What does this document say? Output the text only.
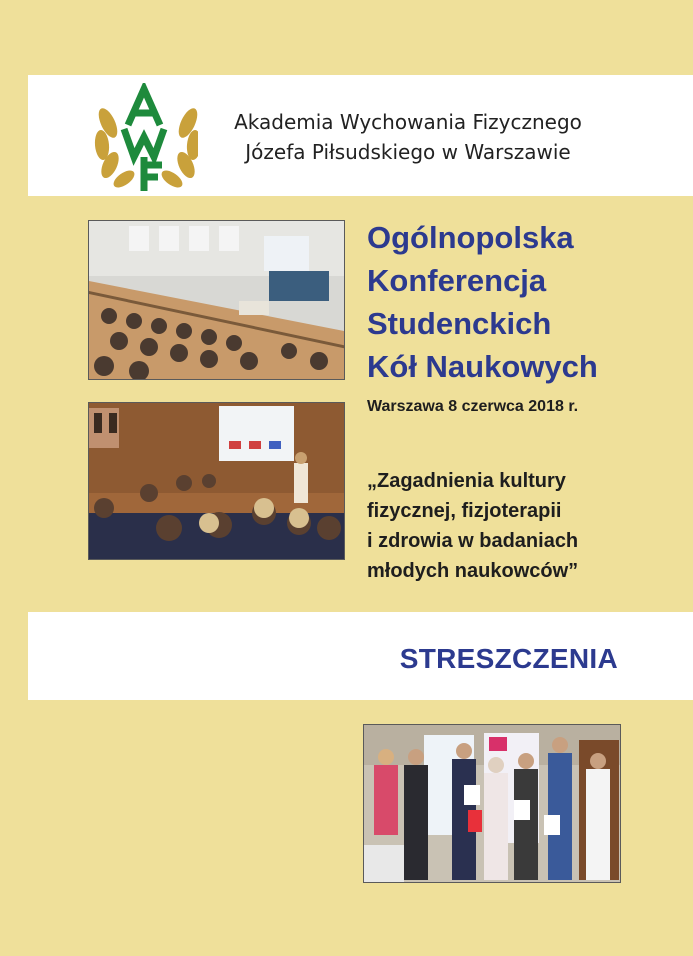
Akademia Wychowania Fizycznego
Józefa Piłsudskiego w Warszawie
Ogólnopolska
Konferencja
Studenckich
Kół Naukowych
Warszawa 8 czerwca 2018 r.
„Zagadnienia kultury
fizycznej, fizjoterapii
i zdrowia w badaniach
młodych naukowców”
STRESZCZENIA
